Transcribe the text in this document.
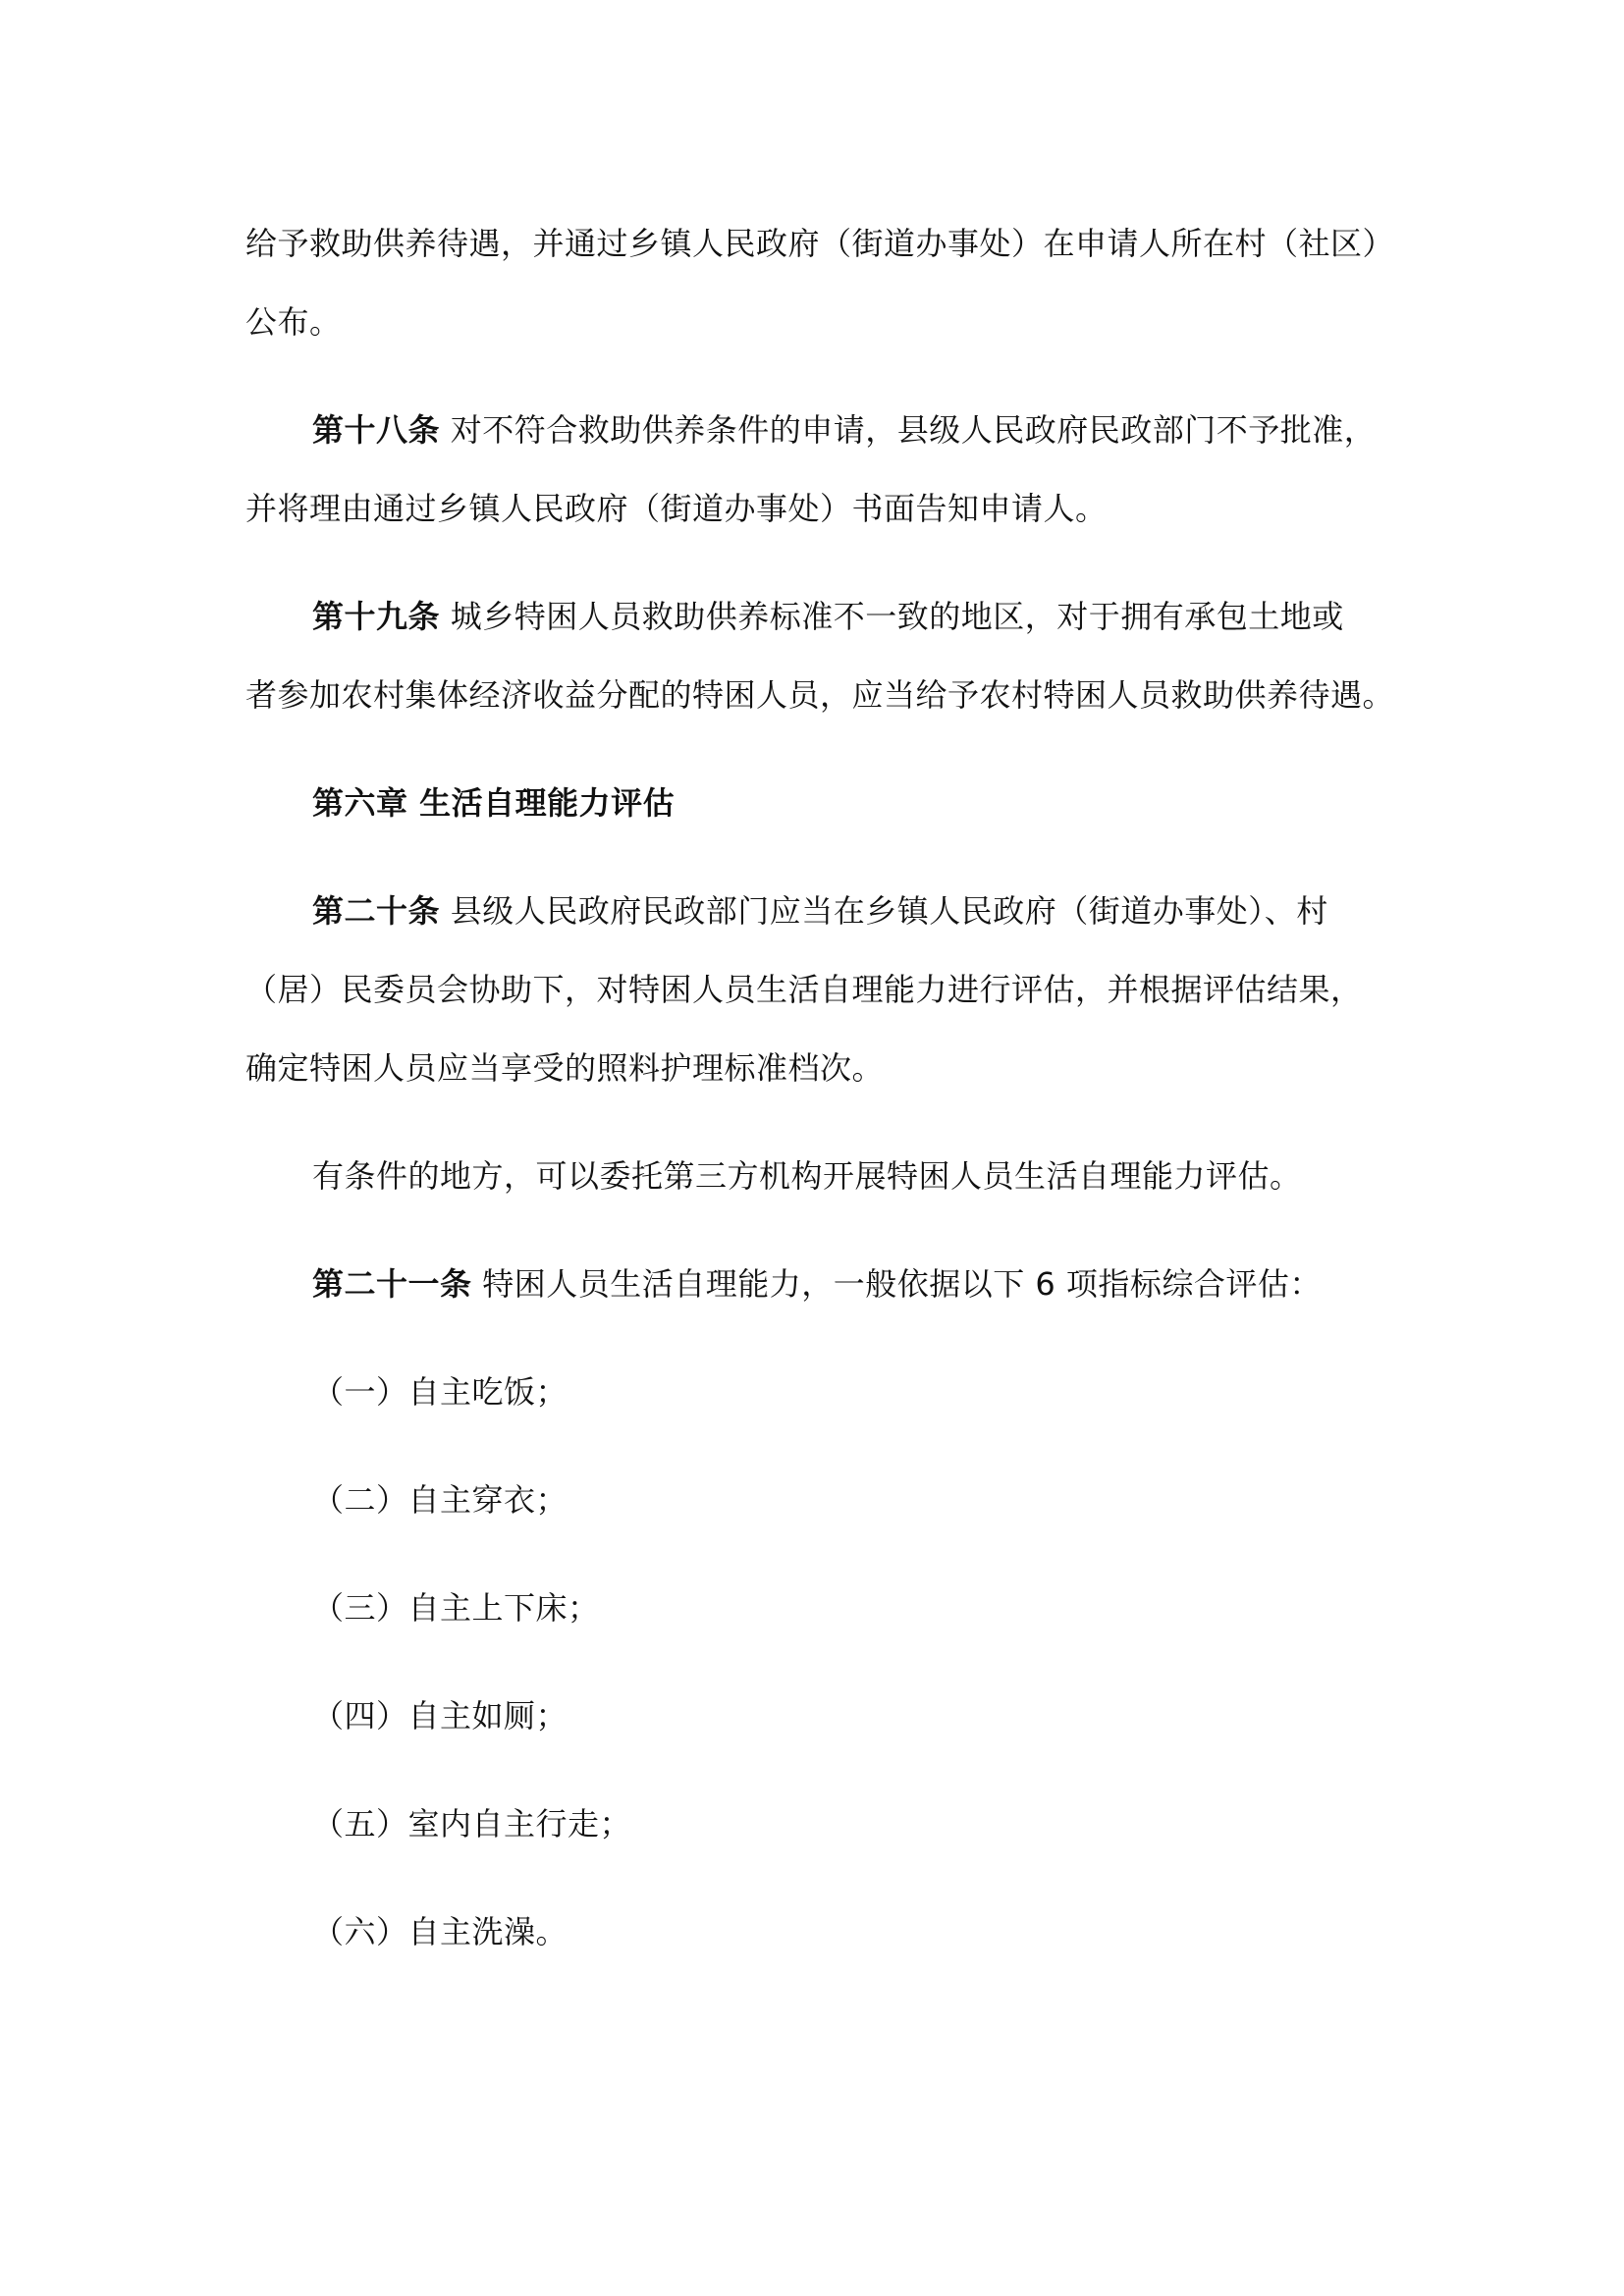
给予救助供养待遇，并通过乡镇人民政府（街道办事处）在申请人所在村（社区）
公布。
第十八条 对不符合救助供养条件的申请，县级人民政府民政部门不予批准，
并将理由通过乡镇人民政府（街道办事处）书面告知申请人。
第十九条 城乡特困人员救助供养标准不一致的地区，对于拥有承包土地或
者参加农村集体经济收益分配的特困人员，应当给予农村特困人员救助供养待遇。
第六章 生活自理能力评估
第二十条 县级人民政府民政部门应当在乡镇人民政府（街道办事处）、村
（居）民委员会协助下，对特困人员生活自理能力进行评估，并根据评估结果，
确定特困人员应当享受的照料护理标准档次。
有条件的地方，可以委托第三方机构开展特困人员生活自理能力评估。
第二十一条 特困人员生活自理能力，一般依据以下 6 项指标综合评估：
（一）自主吃饭；
（二）自主穿衣；
（三）自主上下床；
（四）自主如厕；
（五）室内自主行走；
（六）自主洗澡。
